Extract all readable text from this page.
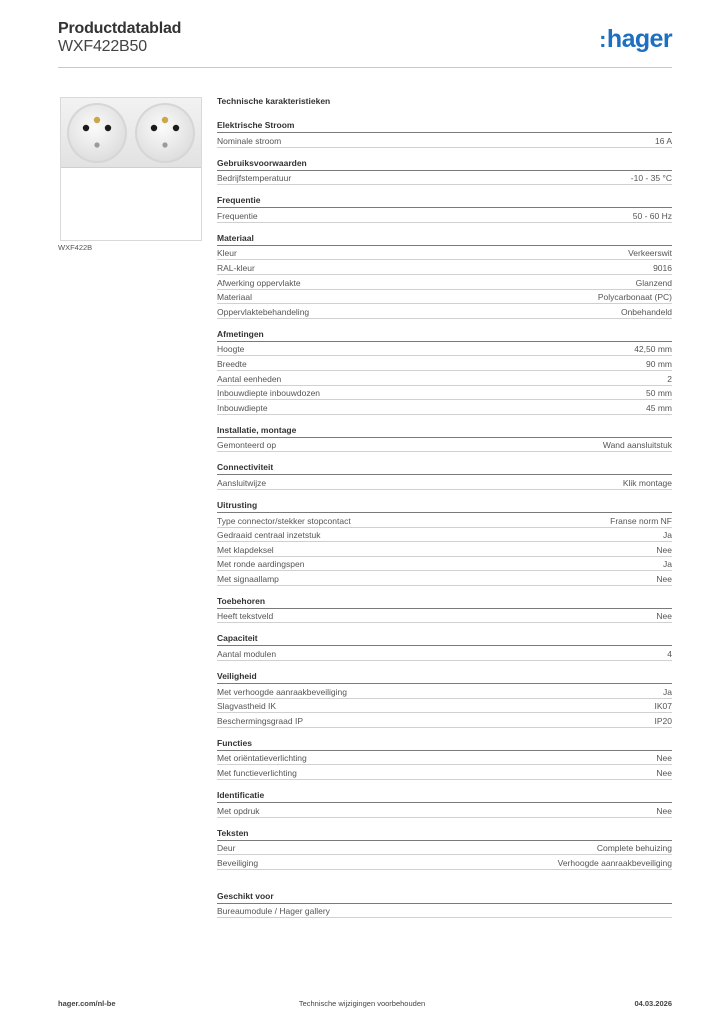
Productdatablad
WXF422B50	:hager
WXF422B
Technische karakteristieken
Elektrische Stroom
Nominale stroom	16 A
Gebruiksvoorwaarden
Bedrijfstemperatuur	-10 - 35 °C
Frequentie
Frequentie	50 - 60 Hz
Materiaal
Kleur	Verkeerswit
RAL-kleur	9016
Afwerking oppervlakte	Glanzend
Materiaal	Polycarbonaat (PC)
Oppervlaktebehandeling	Onbehandeld
Afmetingen
Hoogte	42,50 mm
Breedte	90 mm
Aantal eenheden	2
Inbouwdiepte inbouwdozen	50 mm
Inbouwdiepte	45 mm
Installatie, montage
Gemonteerd op	Wand aansluitstuk
Connectiviteit
Aansluitwijze	Klik montage
Uitrusting
Type connector/stekker stopcontact	Franse norm NF
Gedraaid centraal inzetstuk	Ja
Met klapdeksel	Nee
Met ronde aardingspen	Ja
Met signaallamp	Nee
Toebehoren
Heeft tekstveld	Nee
Capaciteit
Aantal modulen	4
Veiligheid
Met verhoogde aanraakbeveiliging	Ja
Slagvastheid IK	IK07
Beschermingsgraad IP	IP20
Functies
Met oriëntatieverlichting	Nee
Met functieverlichting	Nee
Identificatie
Met opdruk	Nee
Teksten
Deur	Complete behuizing
Beveiliging	Verhoogde aanraakbeveiliging
Geschikt voor
Bureaumodule / Hager gallery
hager.com/nl-be	Technische wijzigingen voorbehouden	04.03.2026
